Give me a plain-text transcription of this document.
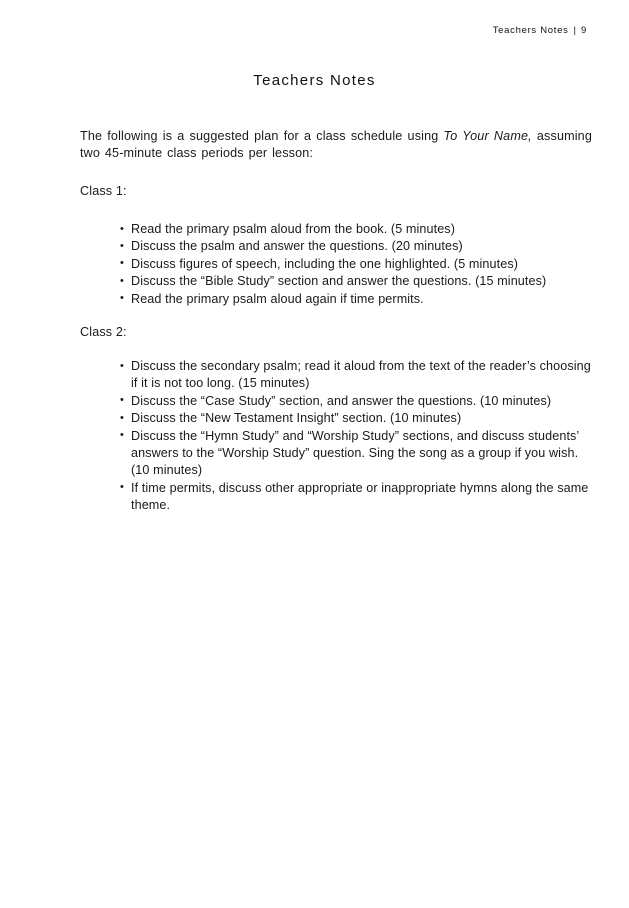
Teachers Notes | 9
Teachers Notes

The following is a suggested plan for a class schedule using To Your Name, assuming two 45-minute class periods per lesson:

Class 1:

• Read the primary psalm aloud from the book. (5 minutes)
• Discuss the psalm and answer the questions. (20 minutes)
• Discuss figures of speech, including the one highlighted. (5 minutes)
• Discuss the “Bible Study” section and answer the questions. (15 minutes)
• Read the primary psalm aloud again if time permits.

Class 2:

• Discuss the secondary psalm; read it aloud from the text of the reader’s choosing if it is not too long. (15 minutes)
• Discuss the “Case Study” section, and answer the questions. (10 minutes)
• Discuss the “New Testament Insight” section. (10 minutes)
• Discuss the “Hymn Study” and “Worship Study” sections, and discuss students’ answers to the “Worship Study” question. Sing the song as a group if you wish. (10 minutes)
• If time permits, discuss other appropriate or inappropriate hymns along the same theme.
